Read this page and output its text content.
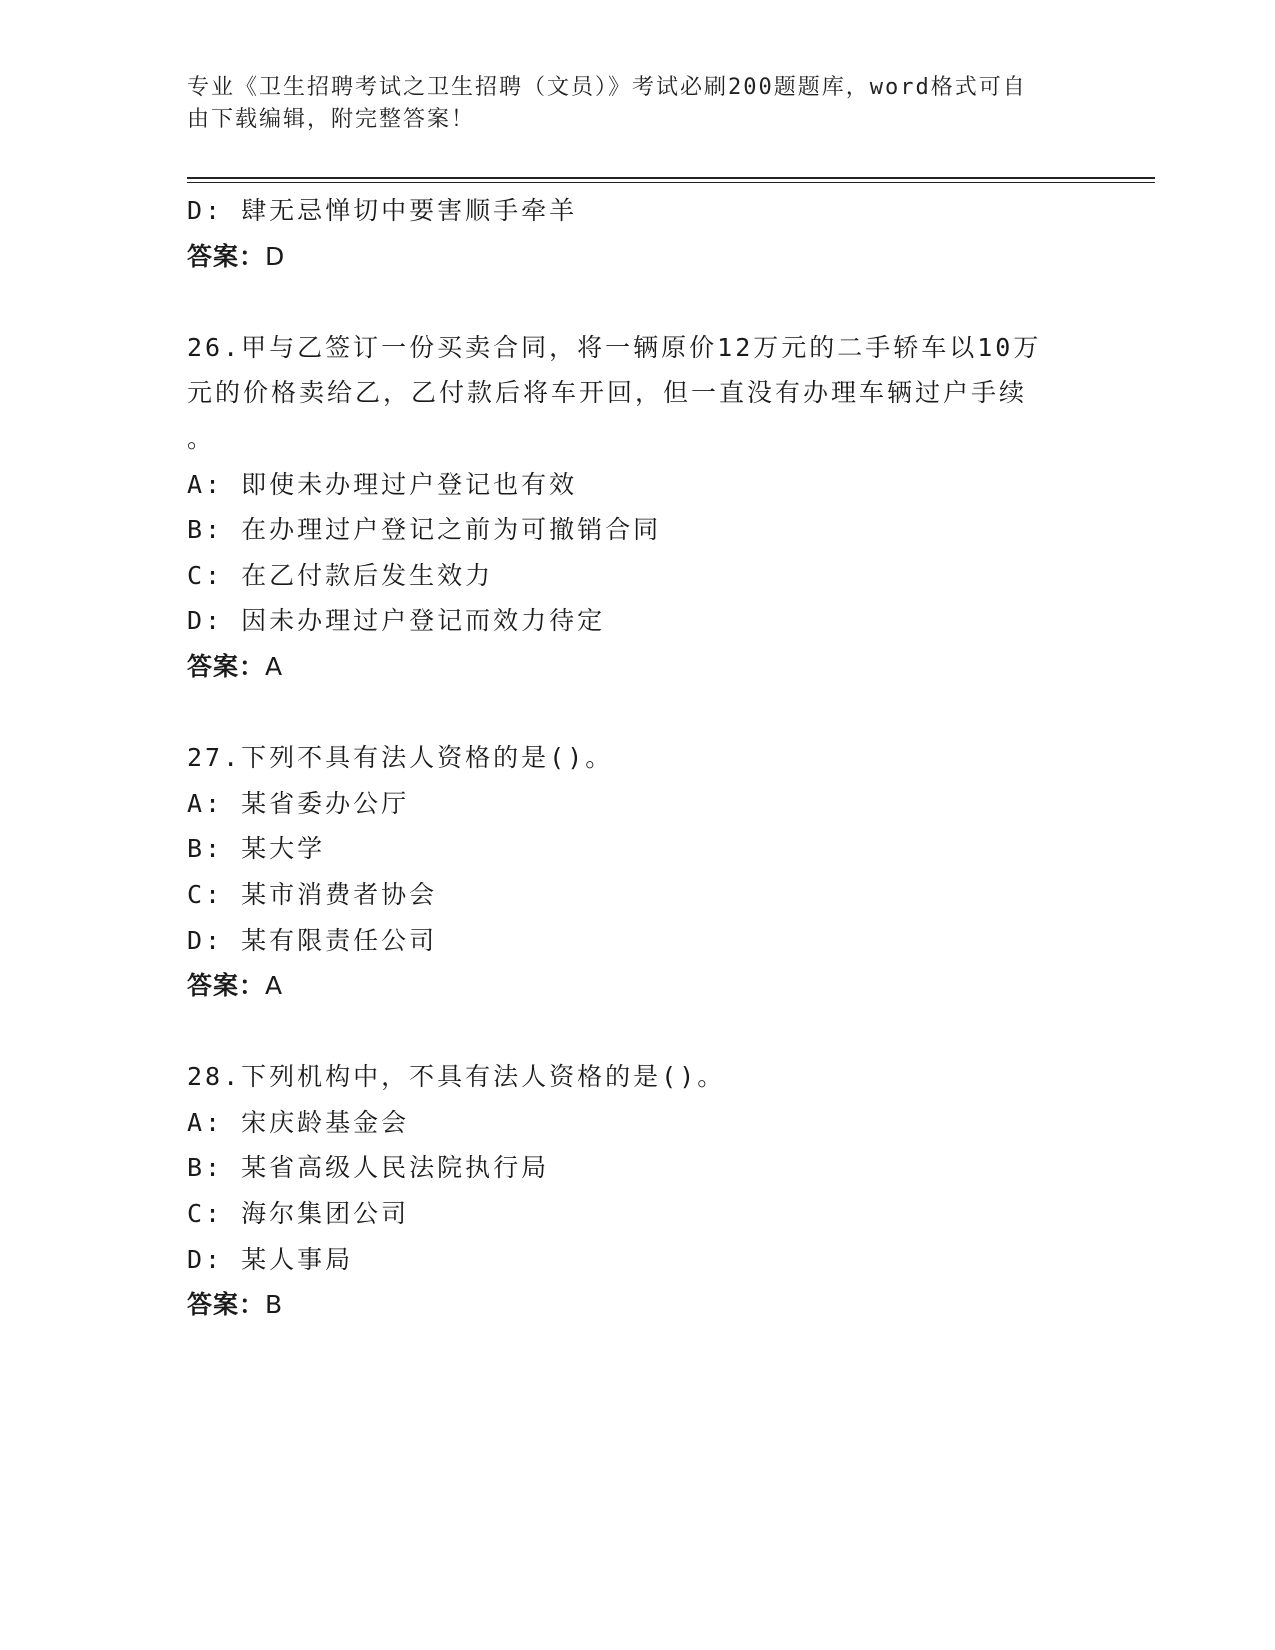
专业《卫生招聘考试之卫生招聘（文员）》考试必刷200题题库，word格式可自
由下载编辑，附完整答案！
D: 肆无忌惮切中要害顺手牵羊
答案：D
26.甲与乙签订一份买卖合同，将一辆原价12万元的二手轿车以10万
元的价格卖给乙，乙付款后将车开回，但一直没有办理车辆过户手续
。
A: 即使未办理过户登记也有效
B: 在办理过户登记之前为可撤销合同
C: 在乙付款后发生效力
D: 因未办理过户登记而效力待定
答案：A
27.下列不具有法人资格的是()。
A: 某省委办公厅
B: 某大学
C: 某市消费者协会
D: 某有限责任公司
答案：A
28.下列机构中，不具有法人资格的是()。
A: 宋庆龄基金会
B: 某省高级人民法院执行局
C: 海尔集团公司
D: 某人事局
答案：B
